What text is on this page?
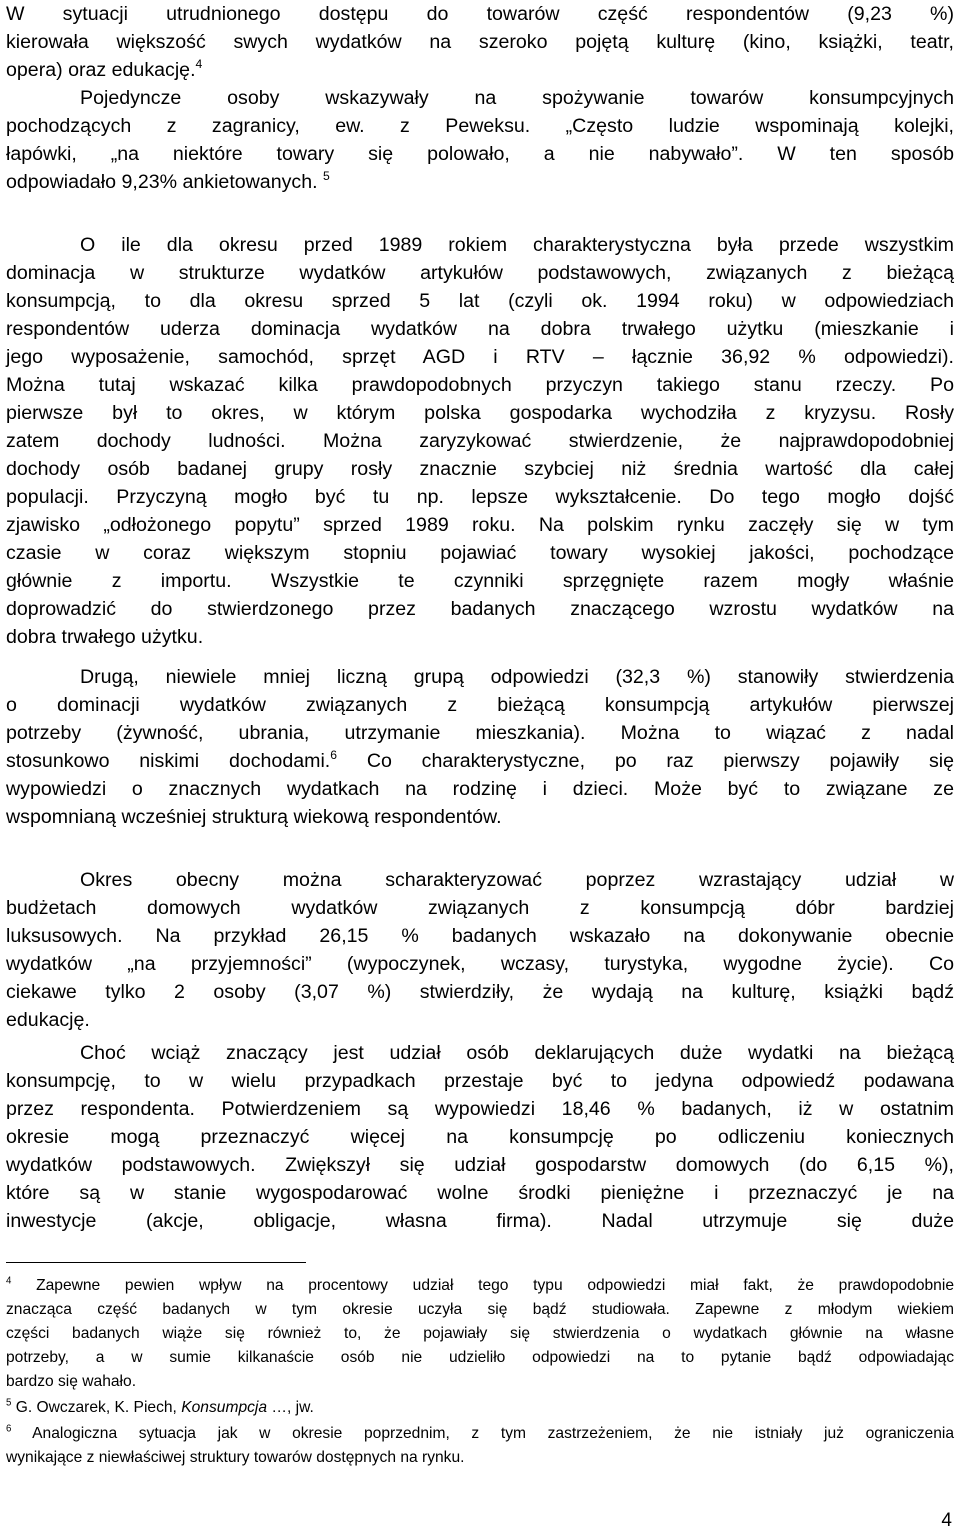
W sytuacji utrudnionego dostępu do towarów część respondentów (9,23 %)
kierowała większość swych wydatków na szeroko pojętą kulturę (kino, książki, teatr,
opera) oraz edukację.$^4$
Pojedyncze osoby wskazywały na spożywanie towarów konsumpcyjnych
pochodzących z zagranicy, ew. z Peweksu. „Często ludzie wspominają kolejki,
łapówki, „na niektóre towary się polowało, a nie nabywało”. W ten sposób
odpowiadało 9,23% ankietowanych. $^5$
O ile dla okresu przed 1989 rokiem charakterystyczna była przede wszystkim
dominacja w strukturze wydatków artykułów podstawowych, związanych z bieżącą
konsumpcją, to dla okresu sprzed 5 lat (czyli ok. 1994 roku) w odpowiedziach
respondentów uderza dominacja wydatków na dobra trwałego użytku (mieszkanie i
jego wyposażenie, samochód, sprzęt AGD i RTV – łącznie 36,92 % odpowiedzi).
Można tutaj wskazać kilka prawdopodobnych przyczyn takiego stanu rzeczy. Po
pierwsze był to okres, w którym polska gospodarka wychodziła z kryzysu. Rosły
zatem dochody ludności. Można zaryzykować stwierdzenie, że najprawdopodobniej
dochody osób badanej grupy rosły znacznie szybciej niż średnia wartość dla całej
populacji. Przyczyną mogło być tu np. lepsze wykształcenie. Do tego mogło dojść
zjawisko „odłożonego popytu” sprzed 1989 roku. Na polskim rynku zaczęły się w tym
czasie w coraz większym stopniu pojawiać towary wysokiej jakości, pochodzące
głównie z importu. Wszystkie te czynniki sprzęgnięte razem mogły właśnie
doprowadzić do stwierdzonego przez badanych znaczącego wzrostu wydatków na
dobra trwałego użytku.
Drugą, niewiele mniej liczną grupą odpowiedzi (32,3 %) stanowiły stwierdzenia
o dominacji wydatków związanych z bieżącą konsumpcją artykułów pierwszej
potrzeby (żywność, ubrania, utrzymanie mieszkania). Można to wiązać z nadal
stosunkowo niskimi dochodami.$^6$ Co charakterystyczne, po raz pierwszy pojawiły się
wypowiedzi o znacznych wydatkach na rodzinę i dzieci. Może być to związane ze
wspomnianą wcześniej strukturą wiekową respondentów.
Okres obecny można scharakteryzować poprzez wzrastający udział w
budżetach domowych wydatków związanych z konsumpcją dóbr bardziej
luksusowych. Na przykład 26,15 % badanych wskazało na dokonywanie obecnie
wydatków „na przyjemności” (wypoczynek, wczasy, turystyka, wygodne życie). Co
ciekawe tylko 2 osoby (3,07 %) stwierdziły, że wydają na kulturę, książki bądź
edukację.
Choć wciąż znaczący jest udział osób deklarujących duże wydatki na bieżącą
konsumpcję, to w wielu przypadkach przestaje być to jedyna odpowiedź podawana
przez respondenta. Potwierdzeniem są wypowiedzi 18,46 % badanych, iż w ostatnim
okresie mogą przeznaczyć więcej na konsumpcję po odliczeniu koniecznych
wydatków podstawowych. Zwiększył się udział gospodarstw domowych (do 6,15 %),
które są w stanie wygospodarować wolne środki pieniężne i przeznaczyć je na
inwestycje (akcje, obligacje, własna firma). Nadal utrzymuje się duże
$^4$ Zapewne pewien wpływ na procentowy udział tego typu odpowiedzi miał fakt, że prawdopodobnie
znacząca część badanych w tym okresie uczyła się bądź studiowała. Zapewne z młodym wiekiem
części badanych wiąże się również to, że pojawiały się stwierdzenia o wydatkach głównie na własne
potrzeby, a w sumie kilkanaście osób nie udzieliło odpowiedzi na to pytanie bądź odpowiadając
bardzo się wahało.
$^5$ G. Owczarek, K. Piech, Konsumpcja …, jw.
$^6$ Analogiczna sytuacja jak w okresie poprzednim, z tym zastrzeżeniem, że nie istniały już ograniczenia
wynikające z niewłaściwej struktury towarów dostępnych na rynku.
4
